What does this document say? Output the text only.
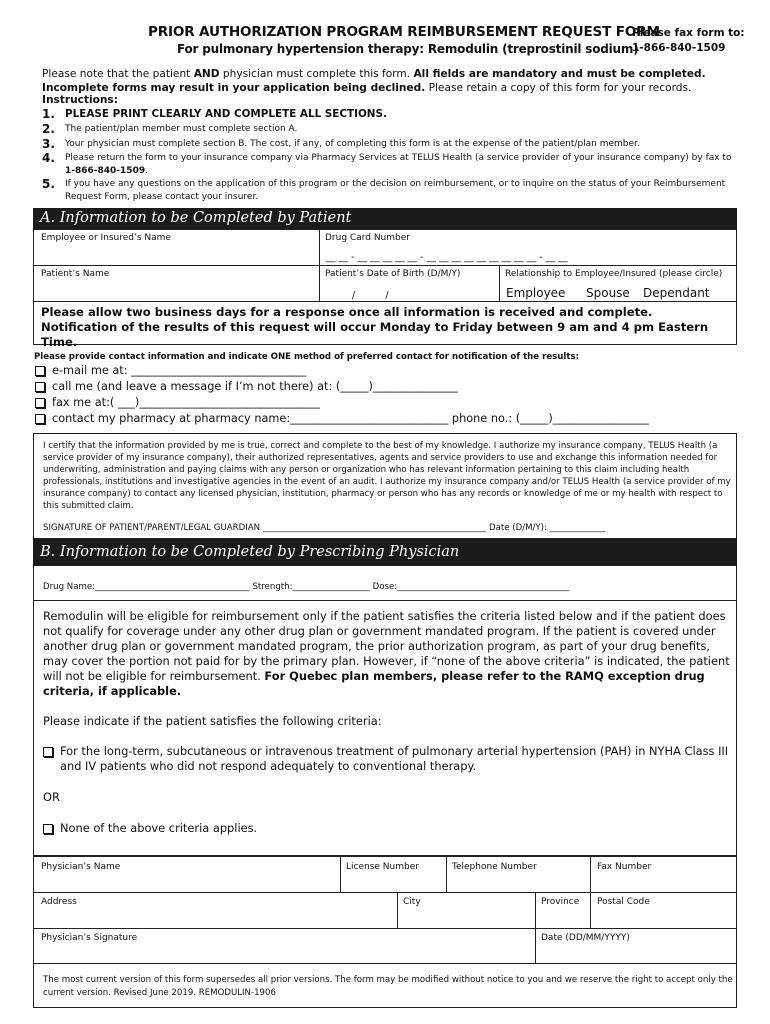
PRIOR AUTHORIZATION PROGRAM REIMBURSEMENT REQUEST FORM
For pulmonary hypertension therapy: Remodulin (treprostinil sodium)
Please fax form to:
1-866-840-1509
Please note that the patient AND physician must complete this form. All fields are mandatory and must be completed. Incomplete forms may result in your application being declined. Please retain a copy of this form for your records.
Instructions:
1. PLEASE PRINT CLEARLY AND COMPLETE ALL SECTIONS.
2.	The patient/plan member must complete section A.
3.	Your physician must complete section B. The cost, if any, of completing this form is at the expense of the patient/plan member.
4.	Please return the form to your insurance company via Pharmacy Services at TELUS Health (a service provider of your insurance company) by fax to 1-866-840-1509.
5.	If you have any questions on the application of this program or the decision on reimbursement, or to inquire on the status of your Reimbursement Request Form, please contact your insurer.
A. Information to be Completed by Patient
Employee or Insured’s Name	Drug Card Number
__ __ - __ __ __ __ __ - __ __ __ __ __ __ __ __ __ - __ __
Patient’s Name	Patient’s Date of Birth (D/M/Y)
/          /
Relationship to Employee/Insured (please circle)
Employee Spouse Dependant
Please allow two business days for a response once all information is received and complete. Notification of the results of this request will occur Monday to Friday between 9 am and 4 pm Eastern Time.
Please provide contact information and indicate ONE method of preferred contact for notification of the results:
e-mail me at: _______________________________
call me (and leave a message if I’m not there) at: (_____)_______________
fax me at:( ___)________________________________
contact my pharmacy at pharmacy name:____________________________ phone no.: (_____)_________________
I certify that the information provided by me is true, correct and complete to the best of my knowledge. I authorize my insurance company, TELUS Health (a service provider of my insurance company), their authorized representatives, agents and service providers to use and exchange this information needed for underwriting, administration and paying claims with any person or organization who has relevant information pertaining to this claim including health professionals, institutions and investigative agencies in the event of an audit. I authorize my insurance company and/or TELUS Health (a service provider of my insurance company) to contact any licensed physician, institution, pharmacy or person who has any records or knowledge of me or my health with respect to this submitted claim.
SIGNATURE OF PATIENT/PARENT/LEGAL GUARDIAN ____________________________________________________ Date (D/M/Y): _____________
B. Information to be Completed by Prescribing Physician
Drug Name:____________________________________ Strength:__________________ Dose:________________________________________
Remodulin will be eligible for reimbursement only if the patient satisfies the criteria listed below and if the patient does not qualify for coverage under any other drug plan or government mandated program. If the patient is covered under another drug plan or government mandated program, the prior authorization program, as part of your drug benefits, may cover the portion not paid for by the primary plan. However, if “none of the above criteria” is indicated, the patient will not be eligible for reimbursement. For Quebec plan members, please refer to the RAMQ exception drug criteria, if applicable.
Please indicate if the patient satisfies the following criteria:
For the long-term, subcutaneous or intravenous treatment of pulmonary arterial hypertension (PAH) in NYHA Class III and IV patients who did not respond adequately to conventional therapy.
OR
None of the above criteria applies.
Physician’s Name	License Number	Telephone Number	Fax Number
Address	City	Province Postal Code
Physician’s Signature	Date (DD/MM/YYYY)
The most current version of this form supersedes all prior versions. The form may be modified without notice to you and we reserve the right to accept only the current version. Revised June 2019. REMODULIN-1906
